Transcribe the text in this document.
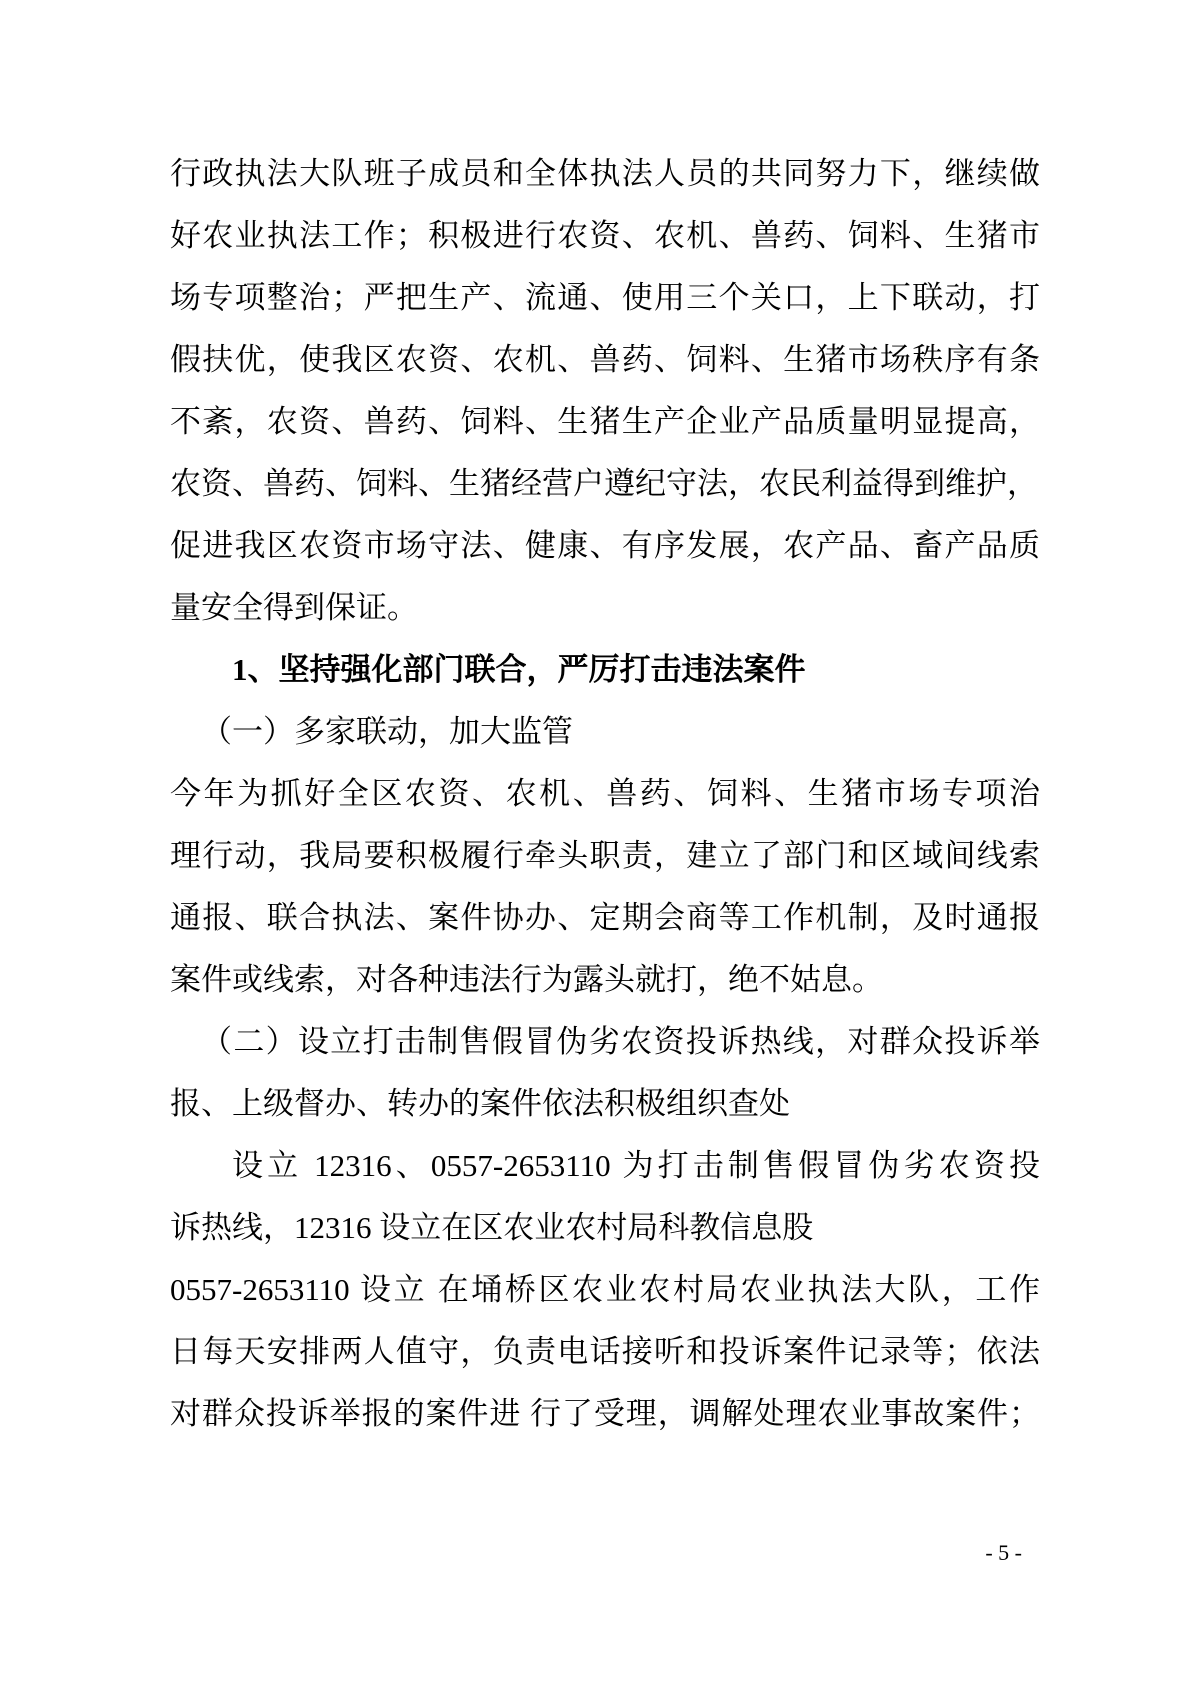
行政执法大队班子成员和全体执法人员的共同努力下，继续做
好农业执法工作；积极进行农资、农机、兽药、饲料、生猪市
场专项整治；严把生产、流通、使用三个关口，上下联动，打
假扶优，使我区农资、农机、兽药、饲料、生猪市场秩序有条
不紊，农资、兽药、饲料、生猪生产企业产品质量明显提高，
农资、兽药、饲料、生猪经营户遵纪守法，农民利益得到维护，
促进我区农资市场守法、健康、有序发展，农产品、畜产品质
量安全得到保证。
1、坚持强化部门联合，严厉打击违法案件
（一）多家联动，加大监管
今年为抓好全区农资、农机、兽药、饲料、生猪市场专项治
理行动，我局要积极履行牵头职责，建立了部门和区域间线索
通报、联合执法、案件协办、定期会商等工作机制，及时通报
案件或线索，对各种违法行为露头就打，绝不姑息。
（二）设立打击制售假冒伪劣农资投诉热线，对群众投诉举
报、上级督办、转办的案件依法积极组织查处
设立 12316、0557-2653110 为打击制售假冒伪劣农资投
诉热线，12316 设立在区农业农村局科教信息股
0557-2653110 设立 在埇桥区农业农村局农业执法大队，工作
日每天安排两人值守，负责电话接听和投诉案件记录等；依法
对群众投诉举报的案件进 行了受理，调解处理农业事故案件；
- 5 -
